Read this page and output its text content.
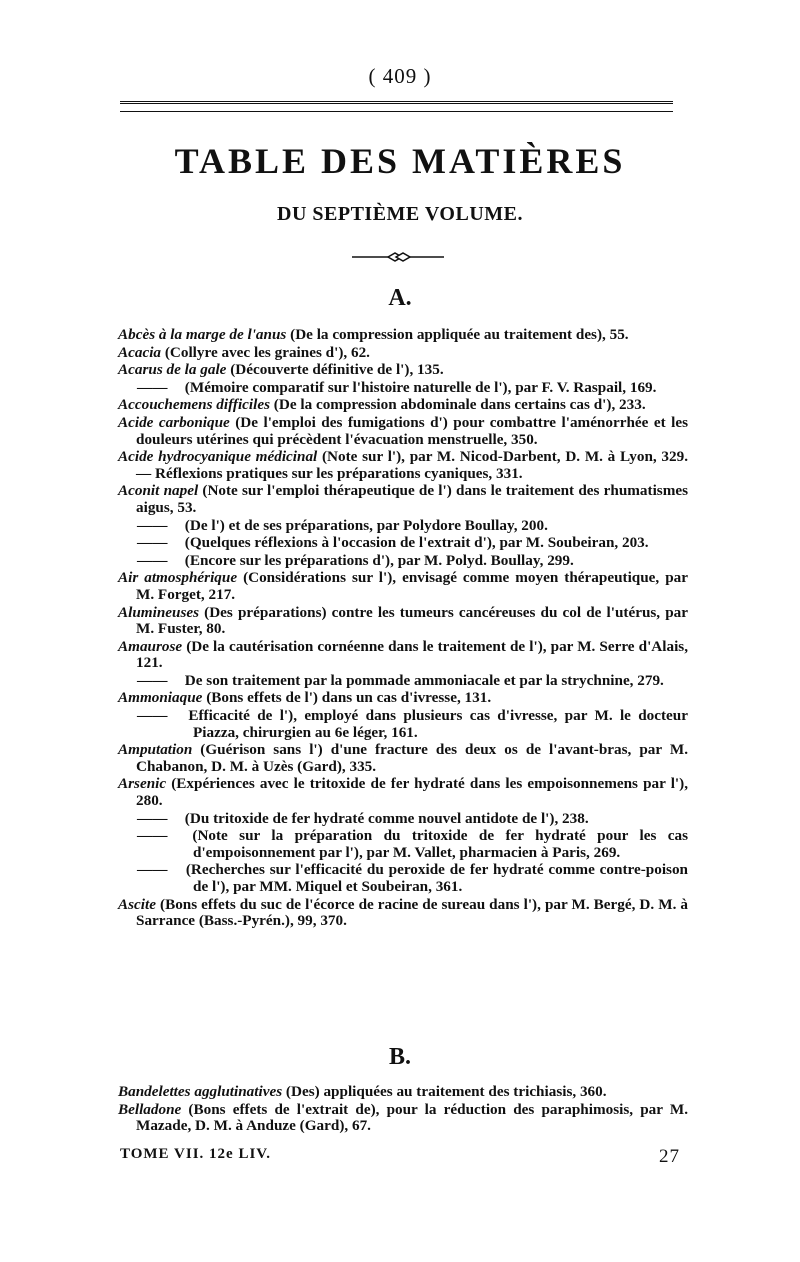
( 409 )
TABLE DES MATIÈRES
DU SEPTIÈME VOLUME.
A.

Abcès à la marge de l'anus (De la compression appliquée au traitement des), 55.

Acacia (Collyre avec les graines d'), 62.

Acarus de la gale (Découverte définitive de l'), 135.

—— (Mémoire comparatif sur l'histoire naturelle de l'), par F. V. Raspail, 169.

Accouchemens difficiles (De la compression abdominale dans certains cas d'), 233.

Acide carbonique (De l'emploi des fumigations d') pour combattre l'aménorrhée et les douleurs utérines qui précèdent l'évacuation menstruelle, 350.

Acide hydrocyanique médicinal (Note sur l'), par M. Nicod-Darbent, D. M. à Lyon, 329. — Réflexions pratiques sur les préparations cyaniques, 331.

Aconit napel (Note sur l'emploi thérapeutique de l') dans le traitement des rhumatismes aigus, 53.

—— (De l') et de ses préparations, par Polydore Boullay, 200.

—— (Quelques réflexions à l'occasion de l'extrait d'), par M. Soubeiran, 203.

—— (Encore sur les préparations d'), par M. Polyd. Boullay, 299.

Air atmosphérique (Considérations sur l'), envisagé comme moyen thérapeutique, par M. Forget, 217.

Alumineuses (Des préparations) contre les tumeurs cancéreuses du col de l'utérus, par M. Fuster, 80.

Amaurose (De la cautérisation cornéenne dans le traitement de l'), par M. Serre d'Alais, 121.

—— De son traitement par la pommade ammoniacale et par la strychnine, 279.

Ammoniaque (Bons effets de l') dans un cas d'ivresse, 131.

—— Efficacité de l'), employé dans plusieurs cas d'ivresse, par M. le docteur Piazza, chirurgien au 6e léger, 161.

Amputation (Guérison sans l') d'une fracture des deux os de l'avant-bras, par M. Chabanon, D. M. à Uzès (Gard), 335.

Arsenic (Expériences avec le tritoxide de fer hydraté dans les empoisonnemens par l'), 280.

—— (Du tritoxide de fer hydraté comme nouvel antidote de l'), 238.

—— (Note sur la préparation du tritoxide de fer hydraté pour les cas d'empoisonnement par l'), par M. Vallet, pharmacien à Paris, 269.

—— (Recherches sur l'efficacité du peroxide de fer hydraté comme contre-poison de l'), par MM. Miquel et Soubeiran, 361.

Ascite (Bons effets du suc de l'écorce de racine de sureau dans l'), par M. Bergé, D. M. à Sarrance (Bass.-Pyrén.), 99, 370.

B.

Bandelettes agglutinatives (Des) appliquées au traitement des trichiasis, 360.

Belladone (Bons effets de l'extrait de), pour la réduction des paraphimosis, par M. Mazade, D. M. à Anduze (Gard), 67.

TOME VII. 12e LIV.	27
